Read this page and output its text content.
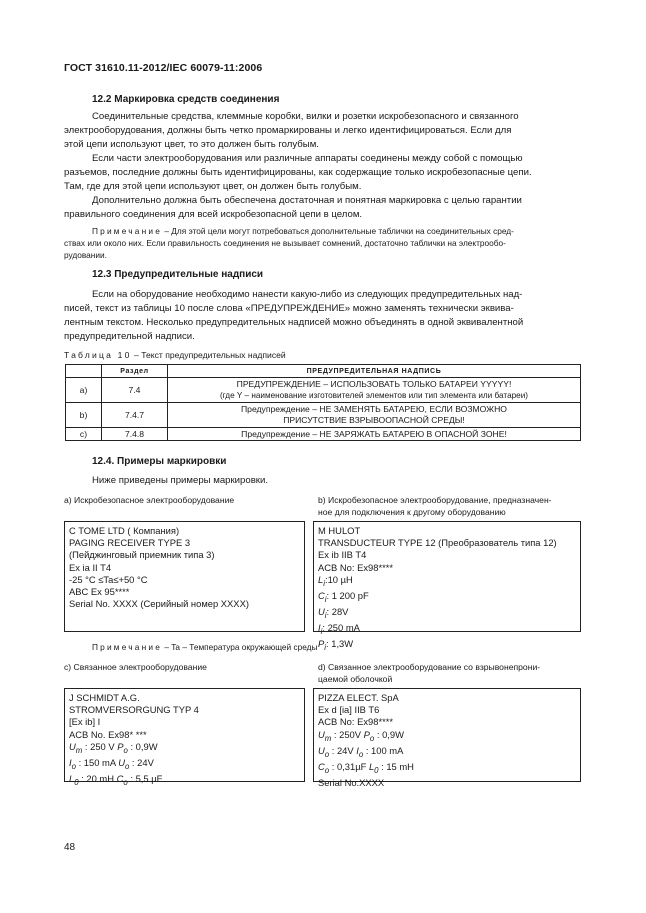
ГОСТ 31610.11-2012/IEC 60079-11:2006
12.2 Маркировка средств соединения
Соединительные средства, клеммные коробки, вилки и розетки искробезопасного и связанного
электрооборудования, должны быть четко промаркированы и легко идентифицироваться. Если для
этой цепи используют цвет, то это должен быть голубым.
Если части электрооборудования или различные аппараты соединены между собой с помощью
разъемов, последние должны быть идентифицированы, как содержащие только искробезопасные цепи.
Там, где для этой цепи используют цвет, он должен быть голубым.
Дополнительно должна быть обеспечена достаточная и понятная маркировка с целью гарантии
правильного соединения для всей искробезопасной цепи в целом.
Примечание – Для этой цели могут потребоваться дополнительные таблички на соединительных сред-
ствах или около них. Если правильность соединения не вызывает сомнений, достаточно таблички на электрообо-
рудовании.
12.3 Предупредительные надписи
Если на оборудование необходимо нанести какую-либо из следующих предупредительных над-
писей, текст из таблицы 10 после слова «ПРЕДУПРЕЖДЕНИЕ» можно заменять технически эквива-
лентным текстом. Несколько предупредительных надписей можно объединять в одной эквивалентной
предупредительной надписи.
Таблица 10 – Текст предупредительных надписей
	Раздел	ПРЕДУПРЕДИТЕЛЬНАЯ НАДПИСЬ
a)	7.4	ПРЕДУПРЕЖДЕНИЕ – ИСПОЛЬЗОВАТЬ ТОЛЬКО БАТАРЕИ YYYYY!
(где Y – наименование изготовителей элементов или тип элемента или батареи)

b)	7.4.7	Предупреждение – НЕ ЗАМЕНЯТЬ БАТАРЕЮ, ЕСЛИ ВОЗМОЖНО
ПРИСУТСТВИЕ ВЗРЫВООПАСНОЙ СРЕДЫ!

c)	7.4.8	Предупреждение – НЕ ЗАРЯЖАТЬ БАТАРЕЮ В ОПАСНОЙ ЗОНЕ!
12.4. Примеры маркировки
Ниже приведены примеры маркировки.
a) Искробезопасное электрооборудование	b) Искробезопасное электрооборудование, предназначен-
ное для подключения к другому оборудованию
C TOME LTD ( Компания)
PAGING RECEIVER TYPE 3
(Пейджинговый приемник типа 3)
Ex ia II T4
-25 °C ≤Ta≤+50 °C
ABC Ex 95****
Serial No. XXXX (Серийный номер XXXX)
M HULOT
TRANSDUCTEUR TYPE 12 (Преобразователь типа 12)
Ex ib IIB T4
ACB No: Ex98****
$L_i:10$ µH
$C_i$: 1 200 pF
$U_i$: 28V
$I_i$: 250 mA
$P_i$: 1,3W
Примечание – Ta – Температура окружающей среды
c) Связанное электрооборудование	d) Связанное электрооборудование со взрывонепрони-
цаемой оболочкой
J SCHMIDT A.G.
STROMVERSORGUNG TYP 4
[Ex ib] I
ACB No. Ex98* ***
$U_m$ : 250 V $P_o$ : 0,9W
$I_o$ : 150 mA $U_o$ : 24V
$L_0$ : 20 mH $C_o$ : 5,5 µF
PIZZA ELECT. SpA
Ex d [ia] IIB T6
ACB No: Ex98****
$U_m$ : 250V $P_o$ : 0,9W
$U_o$ : 24V $I_o$ : 100 mA
$C_o$ : 0,31µF $L_0$ : 15 mH
Serial No.XXXX
48
